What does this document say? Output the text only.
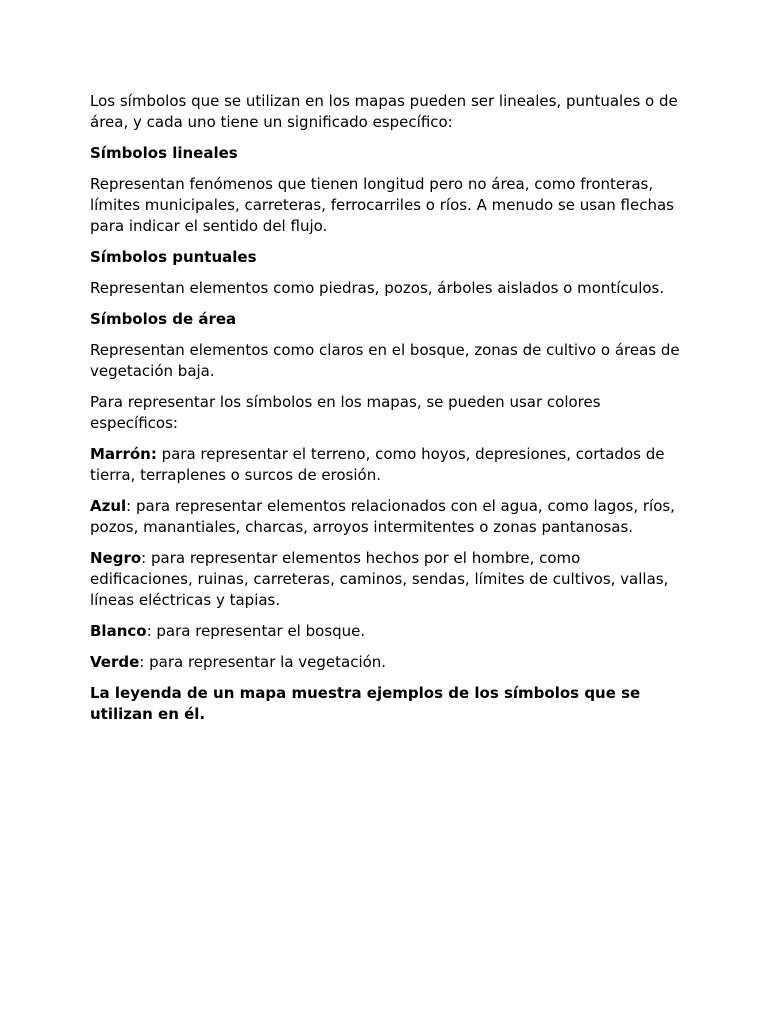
Los símbolos que se utilizan en los mapas pueden ser lineales, puntuales o de área, y cada uno tiene un significado específico:

Símbolos lineales

Representan fenómenos que tienen longitud pero no área, como fronteras, límites municipales, carreteras, ferrocarriles o ríos. A menudo se usan flechas para indicar el sentido del flujo.

Símbolos puntuales

Representan elementos como piedras, pozos, árboles aislados o montículos.

Símbolos de área

Representan elementos como claros en el bosque, zonas de cultivo o áreas de vegetación baja.

Para representar los símbolos en los mapas, se pueden usar colores específicos:

Marrón: para representar el terreno, como hoyos, depresiones, cortados de tierra, terraplenes o surcos de erosión.

Azul: para representar elementos relacionados con el agua, como lagos, ríos, pozos, manantiales, charcas, arroyos intermitentes o zonas pantanosas.

Negro: para representar elementos hechos por el hombre, como edificaciones, ruinas, carreteras, caminos, sendas, límites de cultivos, vallas, líneas eléctricas y tapias.

Blanco: para representar el bosque.

Verde: para representar la vegetación.

La leyenda de un mapa muestra ejemplos de los símbolos que se utilizan en él.
